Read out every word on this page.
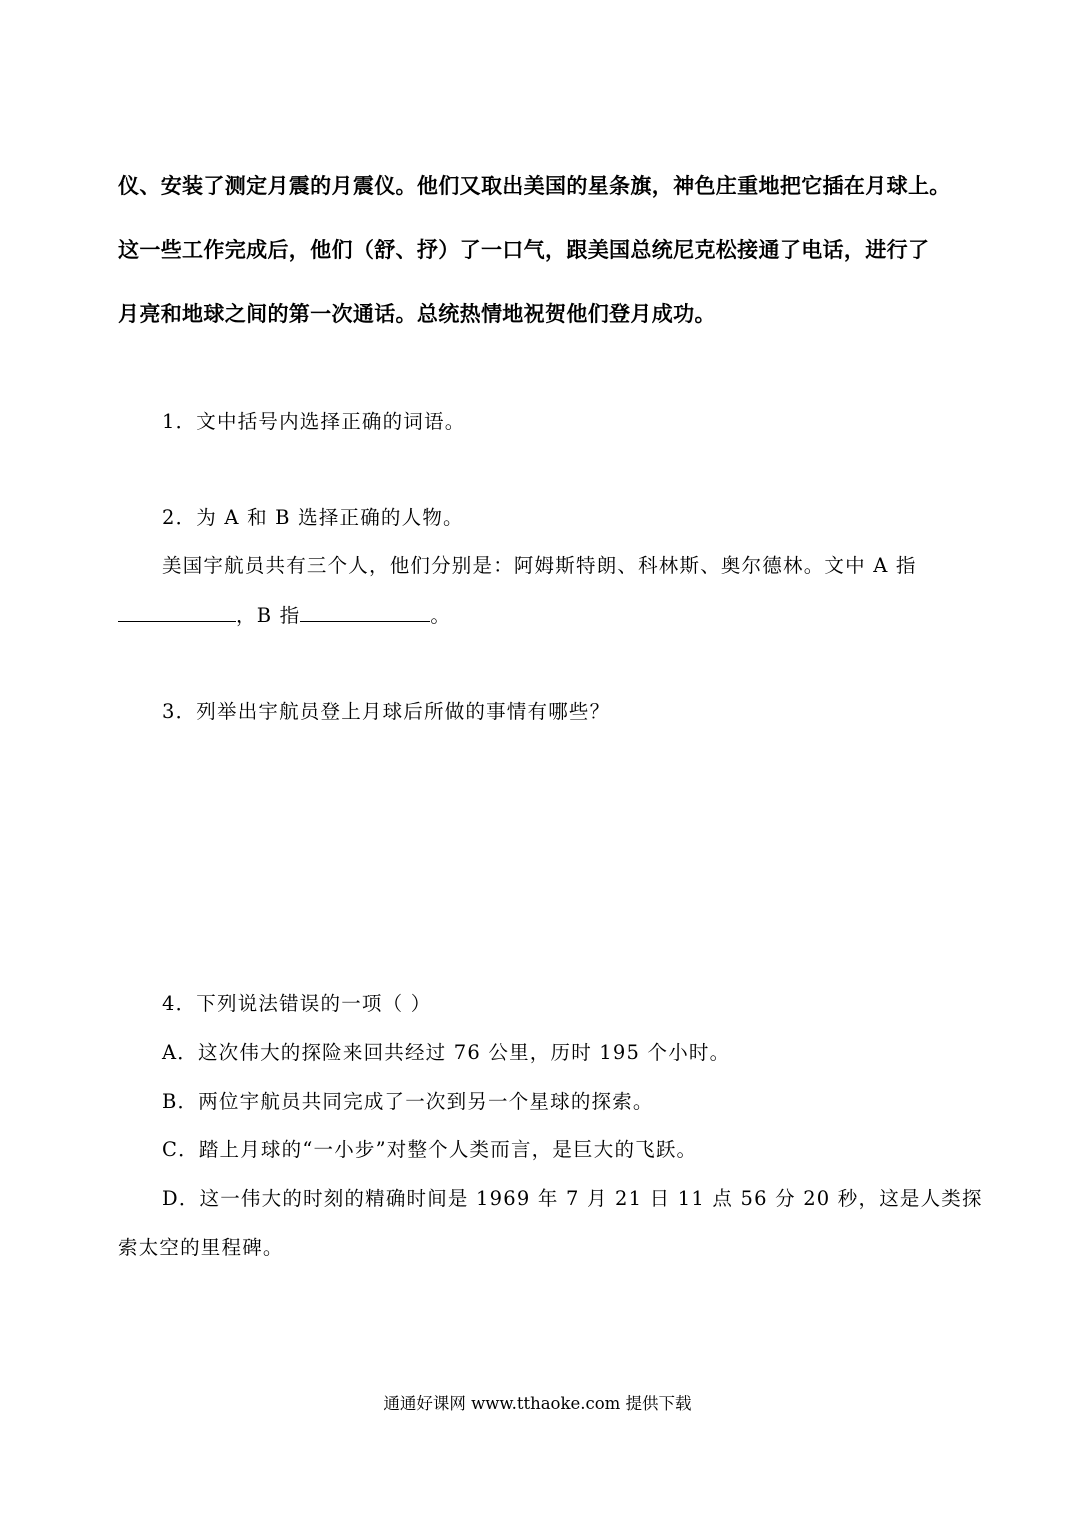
仪、安装了测定月震的月震仪。他们又取出美国的星条旗，神色庄重地把它插在月球上。
这一些工作完成后，他们（舒、抒）了一口气，跟美国总统尼克松接通了电话，进行了
月亮和地球之间的第一次通话。总统热情地祝贺他们登月成功。
1．文中括号内选择正确的词语。
2．为 A 和 B 选择正确的人物。
美国宇航员共有三个人，他们分别是：阿姆斯特朗、科林斯、奥尔德林。文中 A 指
，B 指	。
3．列举出宇航员登上月球后所做的事情有哪些？
4．下列说法错误的一项（ ）
A．这次伟大的探险来回共经过 76 公里，历时 195 个小时。
B．两位宇航员共同完成了一次到另一个星球的探索。
C．踏上月球的“一小步”对整个人类而言，是巨大的飞跃。
D．这一伟大的时刻的精确时间是 1969 年 7 月 21 日 11 点 56 分 20 秒，这是人类探
索太空的里程碑。
通通好课网 www.tthaoke.com 提供下载
